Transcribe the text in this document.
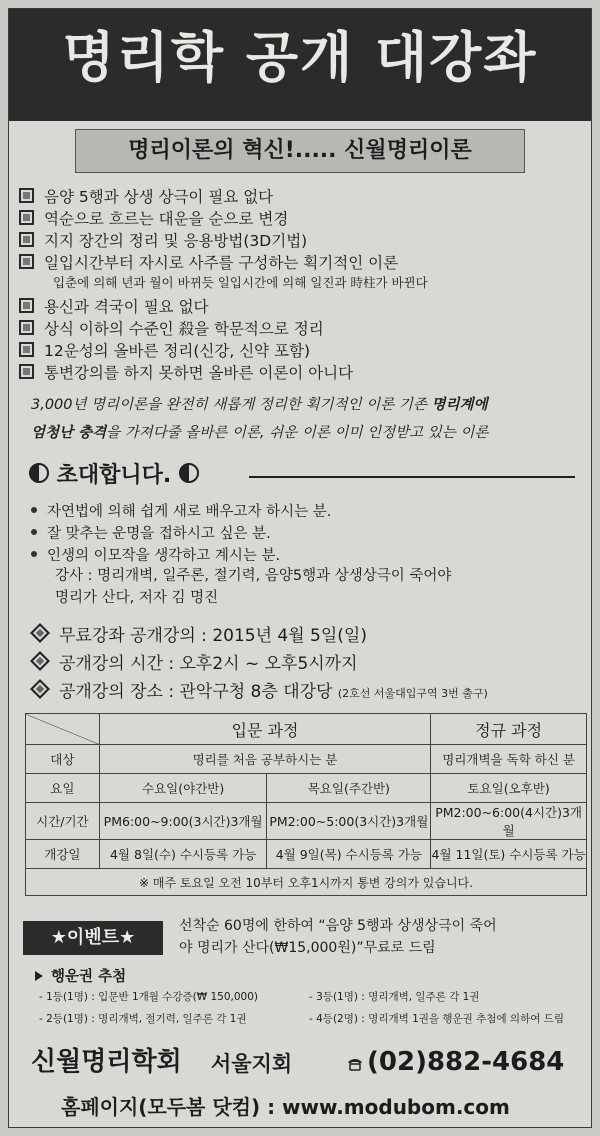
명리학 공개 대강좌
명리이론의 혁신!..... 신월명리이론
음양 5행과 상생 상극이 필요 없다
역순으로 흐르는 대운을 순으로 변경
지지 장간의 정리 및 응용방법(3D기법)
일입시간부터 자시로 사주를 구성하는 획기적인 이론
입춘에 의해 년과 월이 바뀌듯 일입시간에 의해 일진과 時柱가 바뀐다
용신과 격국이 필요 없다
상식 이하의 수준인 殺을 학문적으로 정리
12운성의 올바른 정리(신강, 신약 포함)
통변강의를 하지 못하면 올바른 이론이 아니다
3,000년 명리이론을 완전히 새롭게 정리한 획기적인 이론 기존 명리계에
엄청난 충격을 가져다줄 올바른 이론, 쉬운 이론 이미 인정받고 있는 이론
초대합니다.
자연법에 의해 쉽게 새로 배우고자 하시는 분.
잘 맞추는 운명을 접하시고 싶은 분.
인생의 이모작을 생각하고 계시는 분.
강사 : 명리개벽, 일주론, 절기력, 음양5행과 상생상극이 죽어야
명리가 산다, 저자 김 명진
무료강좌 공개강의 : 2015년 4월 5일(일)
공개강의 시간 : 오후2시 ~ 오후5시까지
공개강의 장소 : 관악구청 8층 대강당 (2호선 서울대입구역 3번 출구)
	입문 과정		정규 과정
대상	명리를 처음 공부하시는 분		명리개벽을 독학 하신 분
요일	수요일(야간반)	목요일(주간반)	토요일(오후반)
시간/기간	PM6:00~9:00(3시간)3개월	PM2:00~5:00(3시간)3개월	PM2:00~6:00(4시간)3개월
개강일	4월 8일(수) 수시등록 가능	4월 9일(목) 수시등록 가능	4월 11일(토) 수시등록 가능
※ 매주 토요일 오전 10부터 오후1시까지 통변 강의가 있습니다.			
★이벤트★
선착순 60명에 한하여 “음양 5행과 상생상극이 죽어
야 명리가 산다(₩15,000원)”무료로 드림
행운권 추첨
- 1등(1명) : 입문반 1개월 수강증(₩ 150,000)	- 3등(1명) : 명리개벽, 일주론 각 1권
- 2등(1명) : 명리개벽, 절기력, 일주론 각 1권	- 4등(2명) : 명리개벽 1권을 행운권 추첨에 의하여 드림
신월명리학회 서울지회	(02)882-4684
홈페이지(모두봄 닷컴) : www.modubom.com
